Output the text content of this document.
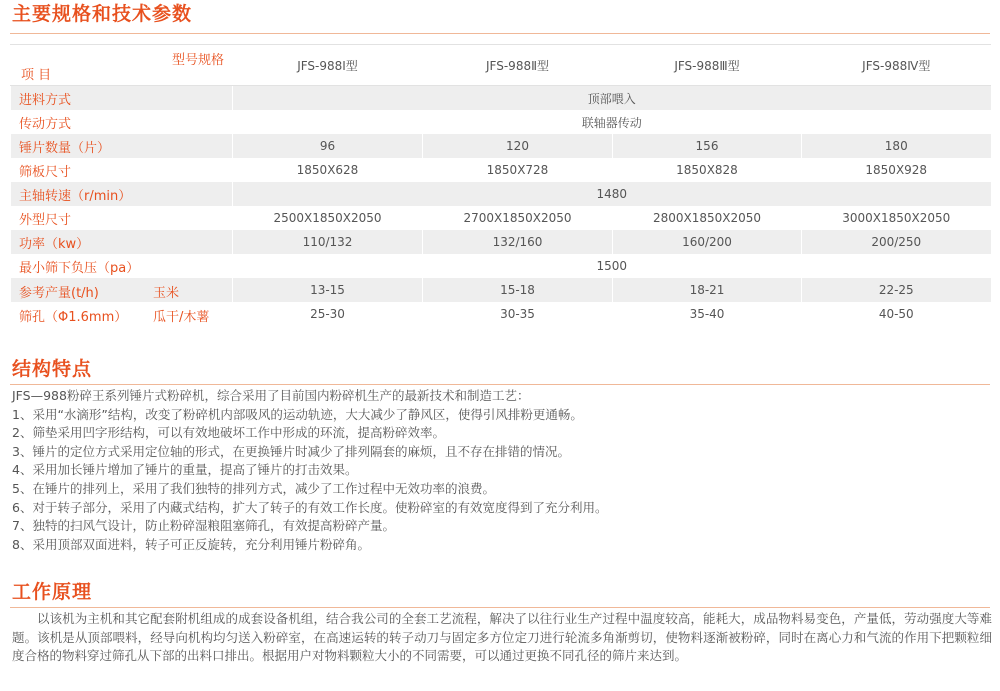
主要规格和技术参数
型号规格
项 目	JFS-988Ⅰ型	JFS-988Ⅱ型	JFS-988Ⅲ型	JFS-988Ⅳ型
进料方式	顶部喂入			
传动方式	联轴器传动			
锤片数量（片）	96	120	156	180
筛板尺寸	1850X628	1850X728	1850X828	1850X928
主轴转速（r/min）	1480			
外型尺寸	2500X1850X2050	2700X1850X2050	2800X1850X2050	3000X1850X2050
功率（kw）	110/132	132/160	160/200	200/250
最小筛下负压（pa）	1500			

参考产量(t/h) 玉米	13-15	15-18	18-21	22-25

筛孔（Φ1.6mm） 瓜干/木薯	25-30	30-35	35-40	40-50
结构特点
JFS—988粉碎王系列锤片式粉碎机，综合采用了目前国内粉碎机生产的最新技术和制造工艺：
1、采用“水滴形”结构，改变了粉碎机内部吸风的运动轨迹，大大减少了静风区，使得引风排粉更通畅。
2、筛垫采用凹字形结构，可以有效地破坏工作中形成的环流，提高粉碎效率。
3、锤片的定位方式采用定位轴的形式，在更换锤片时减少了排列隔套的麻烦，且不存在排错的情况。
4、采用加长锤片增加了锤片的重量，提高了锤片的打击效果。
5、在锤片的排列上，采用了我们独特的排列方式，减少了工作过程中无效功率的浪费。
6、对于转子部分，采用了内藏式结构，扩大了转子的有效工作长度。使粉碎室的有效宽度得到了充分利用。
7、独特的扫风气设计，防止粉碎湿粮阻塞筛孔，有效提高粉碎产量。
8、采用顶部双面进料，转子可正反旋转，充分利用锤片粉碎角。
工作原理
以该机为主机和其它配套附机组成的成套设备机组，结合我公司的全套工艺流程，解决了以往行业生产过程中温度较高，能耗大，成品物料易变色，产量低，劳动强度大等难题。该机是从顶部喂料，经导向机构均匀送入粉碎室，在高速运转的转子动刀与固定多方位定刀进行轮流多角渐剪切，使物料逐渐被粉碎，同时在离心力和气流的作用下把颗粒细度合格的物料穿过筛孔从下部的出料口排出。根据用户对物料颗粒大小的不同需要，可以通过更换不同孔径的筛片来达到。
